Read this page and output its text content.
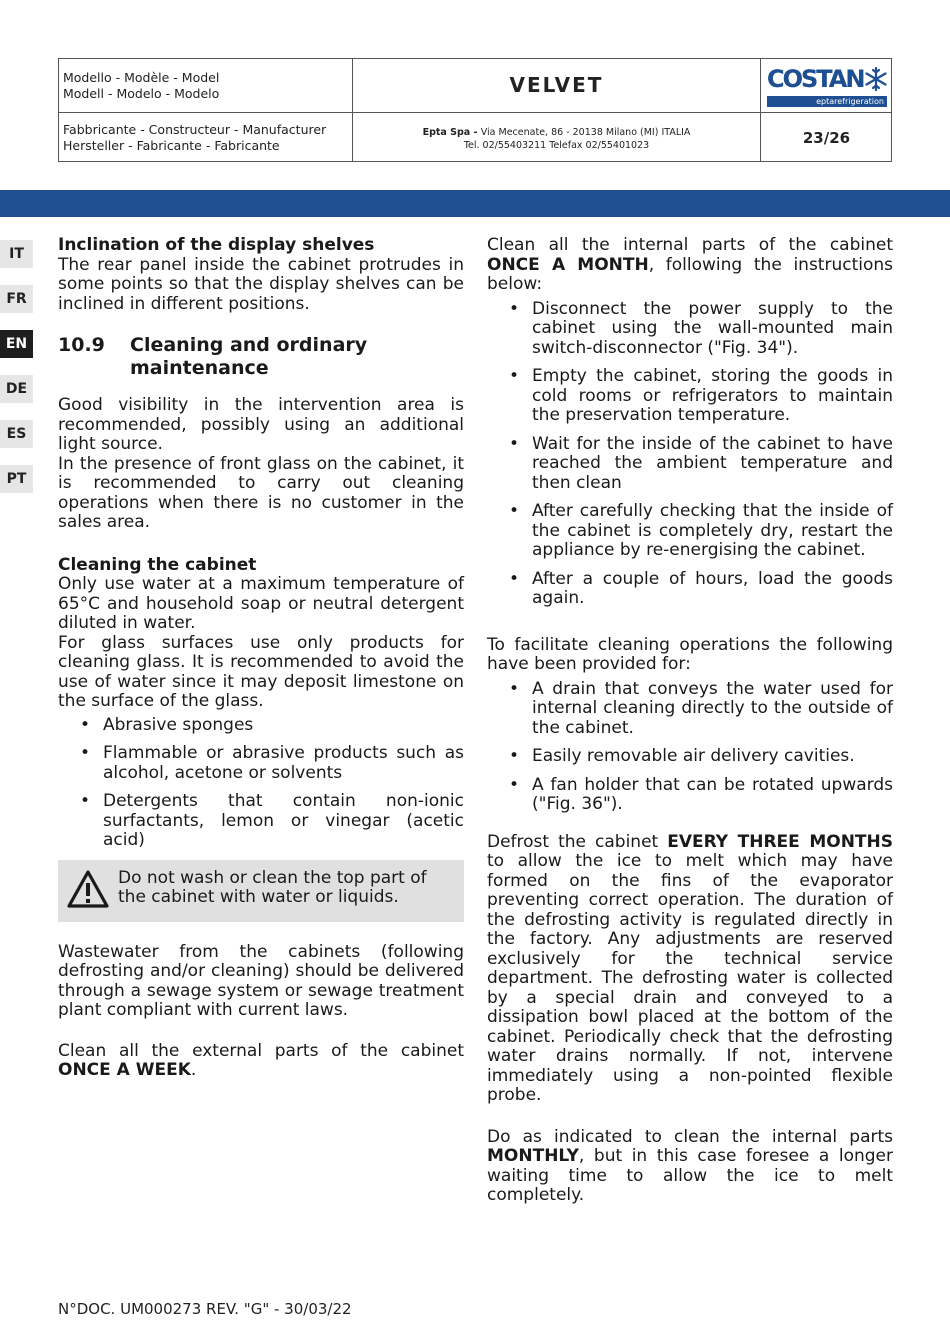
Modello - Modèle - Model
Modell - Modelo - Modelo	VELVET	COSTAN
eptarefrigeration
Fabbricante - Constructeur - Manufacturer
Hersteller - Fabricante - Fabricante
Epta Spa - Via Mecenate, 86 - 20138 Milano (MI) ITALIA
Tel. 02/55403211 Telefax 02/55401023	23/26
IT
FR
EN
DE
ES
PT
Inclination of the display shelves

The rear panel inside the cabinet protrudes in some points so that the display shelves can be inclined in different positions.

10.9	Cleaning and ordinary
maintenance

Good visibility in the intervention area is recommended, possibly using an additional light source.

In the presence of front glass on the cabinet, it is recommended to carry out cleaning operations when there is no customer in the sales area.

Cleaning the cabinet

Only use water at a maximum temperature of 65°C and household soap or neutral detergent diluted in water.

For glass surfaces use only products for cleaning glass. It is recommended to avoid the use of water since it may deposit limestone on the surface of the glass.

• Abrasive sponges
• Flammable or abrasive products such as alcohol, acetone or solvents
• Detergents that contain non-ionic surfactants, lemon or vinegar (acetic acid)
Do not wash or clean the top part of the cabinet with water or liquids.

Wastewater from the cabinets (following defrosting and/or cleaning) should be delivered through a sewage system or sewage treatment plant compliant with current laws.

Clean all the external parts of the cabinet ONCE A WEEK.

Clean all the internal parts of the cabinet ONCE A MONTH, following the instructions below:

• Disconnect the power supply to the cabinet using the wall-mounted main switch-disconnector ("Fig. 34").
• Empty the cabinet, storing the goods in cold rooms or refrigerators to maintain the preservation temperature.
• Wait for the inside of the cabinet to have reached the ambient temperature and then clean
• After carefully checking that the inside of the cabinet is completely dry, restart the appliance by re-energising the cabinet.
• After a couple of hours, load the goods again.

To facilitate cleaning operations the following have been provided for:

• A drain that conveys the water used for internal cleaning directly to the outside of the cabinet.
• Easily removable air delivery cavities.
• A fan holder that can be rotated upwards ("Fig. 36").

Defrost the cabinet EVERY THREE MONTHS to allow the ice to melt which may have formed on the fins of the evaporator preventing correct operation. The duration of the defrosting activity is regulated directly in the factory. Any adjustments are reserved exclusively for the technical service department. The defrosting water is collected by a special drain and conveyed to a dissipation bowl placed at the bottom of the cabinet. Periodically check that the defrosting water drains normally. If not, intervene immediately using a non-pointed flexible probe.

Do as indicated to clean the internal parts MONTHLY, but in this case foresee a longer waiting time to allow the ice to melt completely.

N°DOC. UM000273 REV. "G" - 30/03/22
